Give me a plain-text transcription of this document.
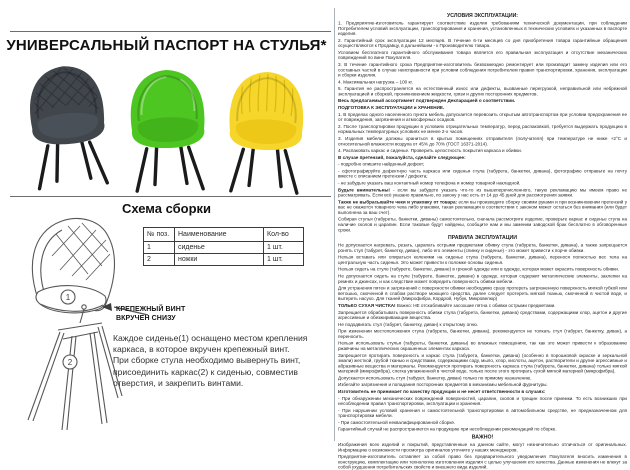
УНИВЕРСАЛЬНЫЙ ПАСПОРТ НА СТУЛЬЯ*
Схема сборки
1
2
КРЕПЕЖНЫЙ ВИНТ
ВКРУЧЕН СНИЗУ
№ поз.	Наименование	Кол-во
1	сиденье	1 шт.
2	ножки	1 шт.

Каждое сиденье(1) оснащено местом крепления каркаса, в которое вкручен крепежный винт.

При сборке стула необходимо вывернуть винт, присоединить каркас(2) к сиденью, совместив отверстия, и закрепить винтами.

УСЛОВИЯ ЭКСПЛУАТАЦИИ:
1. Предприятие-изготовитель гарантирует соответствие изделия требованиям технической документации, при соблюдении Потребителем условий эксплуатации, транспортирования и хранения, установленных в технических условиях и указанных в паспорте изделия.
2. Гарантийный срок эксплуатации 12 месяцев. В течение 6-ти месяцев со дня приобретения товара гарантийные обращения осуществляются к Продавцу, в дальнейшем - к Производителю товара.
Условием бесплатного гарантийного обслуживания товара является его правильная эксплуатация и отсутствие механических повреждений по вине Покупателя.
3. В течение гарантийного срока Предприятие-изготовитель безвозмездно ремонтирует или производит замену изделия или его составных частей в случае неисправности при условии соблюдения потребителем правил транспортировки, хранения, эксплуатации и сборки изделия.
4. Максимальная нагрузка – 100 кг.
5. Гарантия не распространяется на естественный износ или дефекты, вызванные перегрузкой, неправильной или небрежной эксплуатацией и сборкой, проникновением жидкости, грязи и других посторонних предметов.
Весь предлагаемый ассортимент подтвержден Декларацией о соответствии.
ПОДГОТОВКА К ЭКСПЛУАТАЦИИ и ХРАНЕНИЕ.
1. В пределах одного населенного пункта мебель допускается перевозить открытым автотранспортом при условии предохранения ее от повреждения, загрязнения и атмосферных осадков.
2. После транспортировки продукции в условиях отрицательных температур, перед распаковкой, требуется выдержать продукцию в нормальных температурных условиях не менее 2-х часов.
3. Изделия мебели должны храниться в крытых помещениях отправителя (получателя) при температуре не ниже +2°С и относительной влажности воздуха от 45% до 70% (ГОСТ 16371-2014).
4. Распаковать каркас и сиденье. Проверить целостность покрытия каркаса и обивки.
В случае претензий, пожалуйста, сделайте следующее:
- подробно опишите найденный дефект;
- сфотографируйте дефектную часть каркаса или сиденья стула (табурета, банкетки, дивана), фотографию отправьте на почту вместе с описанием претензии / дефекта;
- не забудьте указать ваш контактный номер телефона и номер товарной накладной.
Будьте внимательны! - если вы забудете указать что-то из вышеперечисленного, такую рекламацию мы имеем право не рассматривать. Если всё указано правильно, по закону у нас есть от 14 до 45 дней для рассмотрения заявки.
Также не выбрасывайте чеки и упаковку от товара: если вы производите сборку своими руками и при возникновении претензий у вас не окажется товарного чека либо упаковки, такая рекламация в соответствии с законом может остаться без внимания (или будет выполнена за ваш счет).
Собирая стулья (табуреты, банкетки, диваны) самостоятельно, сначала рассмотрите изделие, проверьте каркас и сиденье стула на наличие сколов и царапин. Если таковые будут найдены, сообщите нам и мы заменим заводской брак бесплатно в обговоренные сроки.
ПРАВИЛА ЭКСПЛУАТАЦИИ
Не допускается нагревать, резать, царапать острыми предметами обивку стула (табурета, банкетки, дивана), а также запрещается ронять стул (табурет, банкетку, диван), либо его элементы (спинку и сиденье) - это может привести к порче обивки.
Нельзя вставать или опираться коленями на сиденье стула (табурета, банкетки, дивана), перенося полностью вес тела на центральную часть сиденья. Это может привести к поломке основы сиденья.
Нельзя сидеть на стуле (табурете, банкетке, диване) в грязной одежде или в одежде, которая может окрасить поверхность обивки.
Не допускается сидеть на стуле (табурете, банкетке, диване) в одежде, которая содержит металлические элементы, заклепки на ремнях и джинсах, и как следствие может повредить поверхность обивки мебели.
Для устранения пятен и загрязнений с поверхности обивки необходимо сразу протереть загрязненную поверхность мягкой губкой или ветошью, смоченной в слабом растворе моющего средства, далее следует протереть мягкой тканью, смоченной в чистой воде, и вытереть насухо. Для тканей (Микрофибра, Кордрой, Нубук, Микровелюр)
ТОЛЬКО СУХАЯ ЧИСТКА! Важно: НЕ отскабливайте засохшие пятна с обивки острыми предметами.
Запрещается обрабатывать поверхность обивки стула (табурета, банкетки, дивана) средствами, содержащими хлор, ацетон и другие агрессивные и обезжиривающие вещества.
Не пододвигать стул (табурет, банкетку, диван) к открытому огню.
При изменении местоположения стула (табурета, банкетки, дивана), рекомендуется не толкать стул (табурет, банкетку, диван), а переносить.
Нельзя использовать стулья (табуреты, банкетки, диваны) во влажных помещениях, так как это может привести к образованию ржавчины на металлических окрашенных элементах каркаса.
Запрещается протирать поверхность и каркас стула (табурета, банкетки, дивана) (особенно в порошковой окраске и зеркальной эмали) жесткой, грубой тканью и средствами, содержащими соду, мыло, хлор, кислоты, ацетон, растворители и другие агрессивные и абразивные вещества и материалы. Рекомендуется протирать поверхность каркаса стула (табурета, банкетки, дивана) только мягкой материей (микрофибра), слегка увлажненной в чистой воде, только после этого протирать сухой мягкой материей (микрофибра).
Допускается использовать стул (табурет, банкетку, диван) только по прямому назначению.
Избегайте загрязнения и попадания посторонних предметов в механизмы мебельной фурнитуры.
Изготовитель не принимает по качеству продукции и не несет ответственности в случаях:
- При обнаружении механических повреждений поверхностей, царапин, сколов и трещин после приемки. То есть возникших при несоблюдении правил транспортировки, эксплуатации и хранения.
- При нарушении условий хранения и самостоятельной транспортировки в автомобильном средстве, не предназначенном для транспортировки мебели.
- При самостоятельной неквалифицированной сборке.
Гарантийный случай не распространяется на продукцию при несоблюдении рекомендаций по сборке.
ВАЖНО!
Изображения всех изделий и покрытий, представленные на данном сайте, могут незначительно отличаться от оригинальных. Информацию о возможности просмотра оригиналов уточните у наших менеджеров.
Предприятие-изготовитель оставляет за собой право без предварительного уведомления Покупателя вносить изменения в конструкцию, комплектацию или технологию изготовления изделия с целью улучшения его качества. Данные изменения не влекут за собой ухудшения потребительских свойств и внешнего вида изделий.
